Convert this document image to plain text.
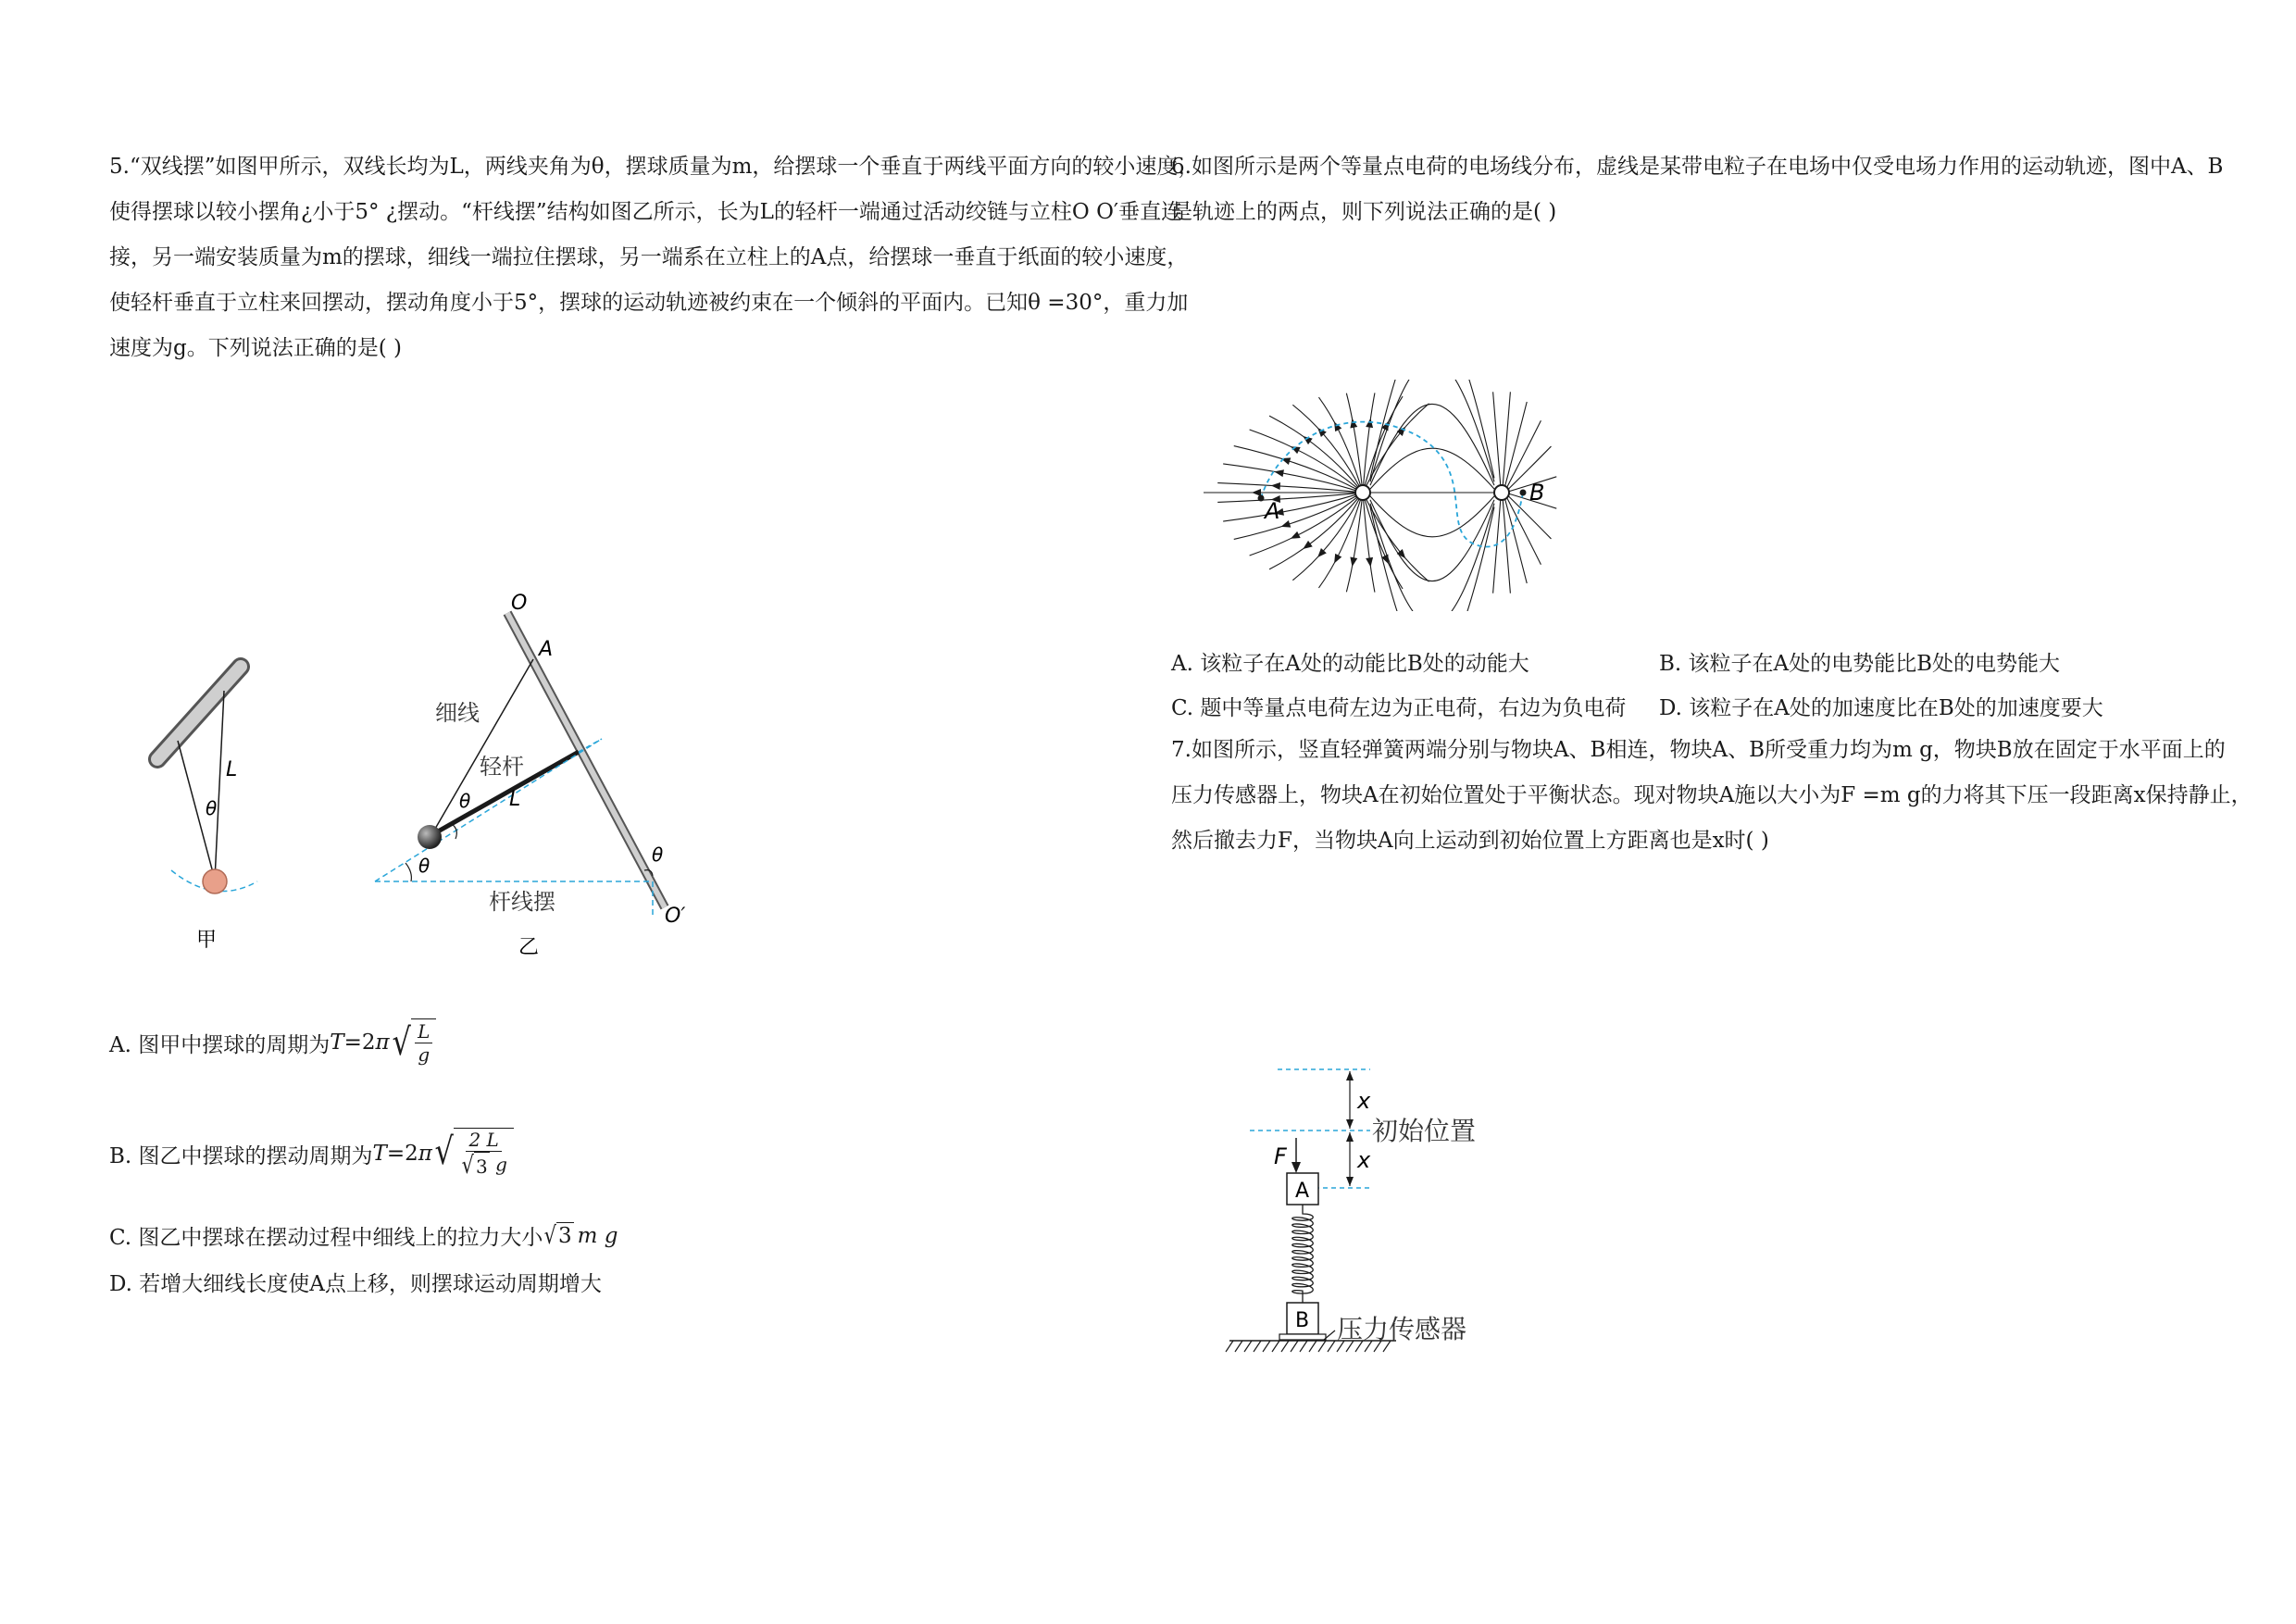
5.“双线摆”如图甲所示，双线长均为L，两线夹角为θ，摆球质量为m，给摆球一个垂直于两线平面方向的较小速度，
使得摆球以较小摆角¿小于5° ¿摆动。“杆线摆”结构如图乙所示，长为L的轻杆一端通过活动绞链与立柱O O′垂直连
接，另一端安装质量为m的摆球，细线一端拉住摆球，另一端系在立柱上的A点，给摆球一垂直于纸面的较小速度，
使轻杆垂直于立柱来回摆动，摆动角度小于5°，摆球的运动轨迹被约束在一个倾斜的平面内。已知θ =30°，重力加
速度为g。下列说法正确的是( )
L
θ
甲
O
A
细线
轻杆
θ L
θ	θ
杆线摆
O′
乙
A. 图甲中摆球的周期为 T =2 π √ $\frac{L}{g}$
B. 图乙中摆球的摆动周期为 T =2 π √ $\frac{2 L}{√ 3 g}$
C. 图乙中摆球在摆动过程中细线上的拉力大小 √ 3 m g
D. 若增大细线长度使A点上移，则摆球运动周期增大
6.如图所示是两个等量点电荷的电场线分布，虚线是某带电粒子在电场中仅受电场力作用的运动轨迹，图中A、B
是轨迹上的两点，则下列说法正确的是( )
A
B
A. 该粒子在A处的动能比B处的动能大	B. 该粒子在A处的电势能比B处的电势能大
C. 题中等量点电荷左边为正电荷，右边为负电荷 D. 该粒子在A处的加速度比在B处的加速度要大
7.如图所示，竖直轻弹簧两端分别与物块A、B相连，物块A、B所受重力均为m g，物块B放在固定于水平面上的
压力传感器上，物块A在初始位置处于平衡状态。现对物块A施以大小为F =m g的力将其下压一段距离x保持静止，
然后撤去力F，当物块A向上运动到初始位置上方距离也是x时( )
x
初始位置
x
F
A
B 压力传感器
